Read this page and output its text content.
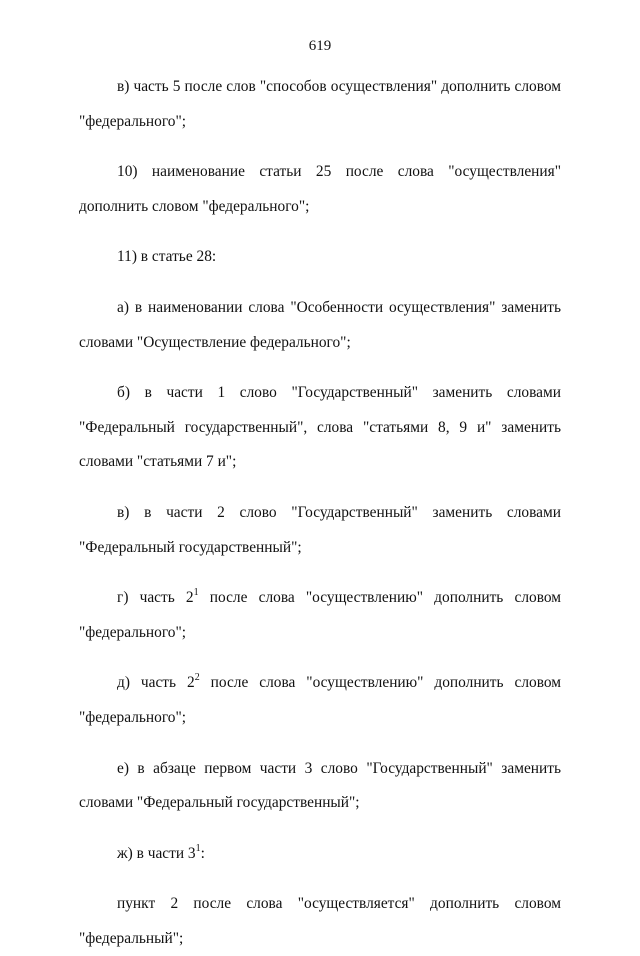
619

в) часть 5 после слов "способов осуществления" дополнить словом "федерального";

10) наименование статьи 25 после слова "осуществления" дополнить словом "федерального";

11) в статье 28:

а) в наименовании слова "Особенности осуществления" заменить словами "Осуществление федерального";

б) в части 1 слово "Государственный" заменить словами "Федеральный государственный", слова "статьями 8, 9 и" заменить словами "статьями 7 и";

в) в части 2 слово "Государственный" заменить словами "Федеральный государственный";

г) часть $2^1$ после слова "осуществлению" дополнить словом "федерального";

д) часть $2^2$ после слова "осуществлению" дополнить словом "федерального";

е) в абзаце первом части 3 слово "Государственный" заменить словами "Федеральный государственный";

ж) в части $3^1$:

пункт 2 после слова "осуществляется" дополнить словом "федеральный";
